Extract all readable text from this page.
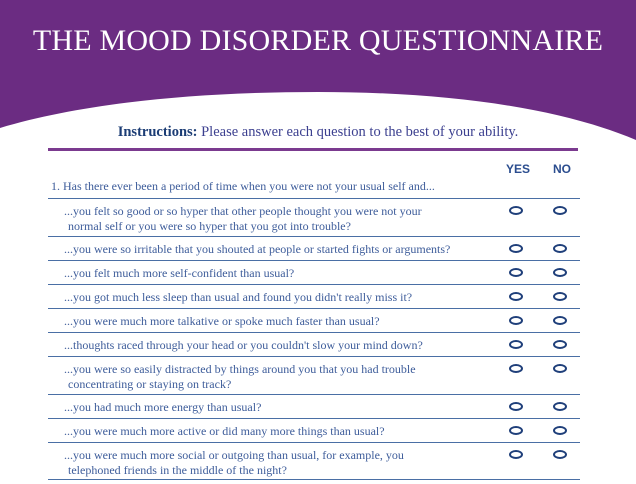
THE MOOD DISORDER QUESTIONNAIRE
Instructions: Please answer each question to the best of your ability.
YES NO
1. Has there ever been a period of time when you were not your usual self and...
...you felt so good or so hyper that other people thought you were not your
normal self or you were so hyper that you got into trouble?
...you were so irritable that you shouted at people or started fights or arguments?
...you felt much more self-confident than usual?
...you got much less sleep than usual and found you didn't really miss it?
...you were much more talkative or spoke much faster than usual?
...thoughts raced through your head or you couldn't slow your mind down?
...you were so easily distracted by things around you that you had trouble
concentrating or staying on track?
...you had much more energy than usual?
...you were much more active or did many more things than usual?
...you were much more social or outgoing than usual, for example, you
telephoned friends in the middle of the night?
